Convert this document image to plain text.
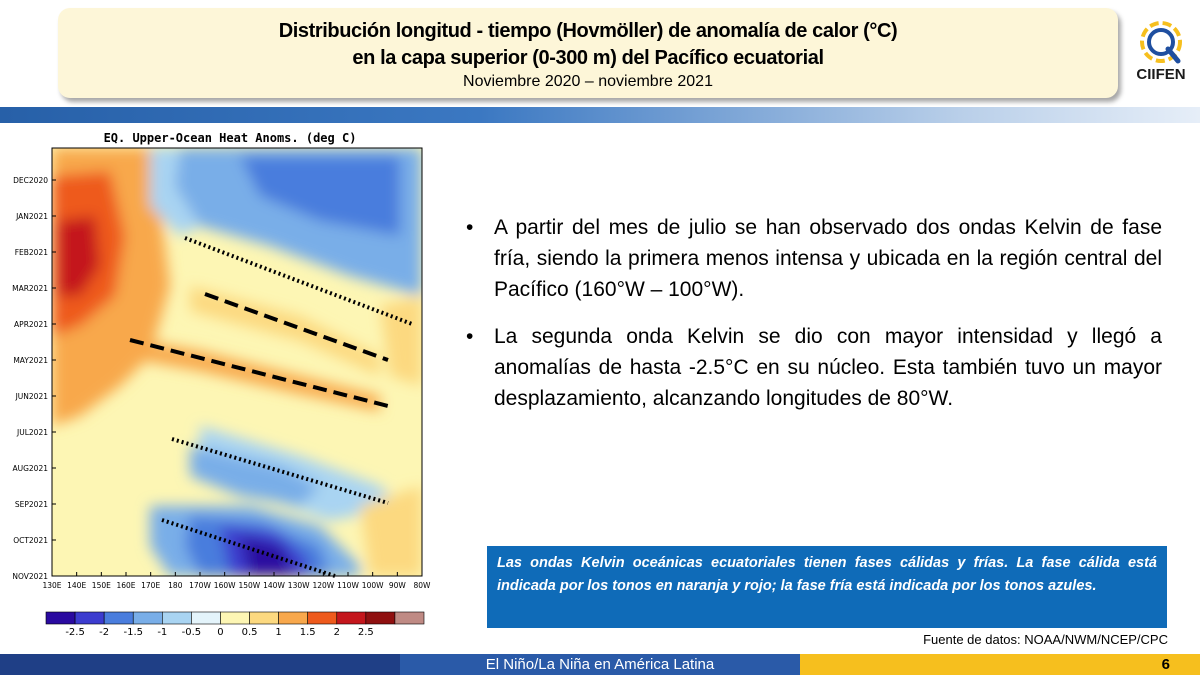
Distribución longitud - tiempo (Hovmöller) de anomalía de calor (°C)
en la capa superior (0-300 m) del Pacífico ecuatorial
Noviembre 2020 – noviembre 2021	CIIFEN
EQ. Upper-Ocean Heat Anoms. (deg C)
DEC2020
JAN2021
FEB2021
MAR2021
APR2021
MAY2021
JUN2021
JUL2021
AUG2021
SEP2021
OCT2021
NOV2021
130E 140E 150E 160E 170E 180 170W 160W 150W 140W 130W 120W 110W 100W 90W 80W
-2.5 -2 -1.5 -1 -0.5 0 0.5 1 1.5 2 2.5
• A partir del mes de julio se han observado dos ondas Kelvin de fase fría, siendo la primera menos intensa y ubicada en la región central del Pacífico (160°W – 100°W).
• La segunda onda Kelvin se dio con mayor intensidad y llegó a anomalías de hasta -2.5°C en su núcleo. Esta también tuvo un mayor desplazamiento, alcanzando longitudes de 80°W.
Las ondas Kelvin oceánicas ecuatoriales tienen fases cálidas y frías. La fase cálida está indicada por los tonos en naranja y rojo; la fase fría está indicada por los tonos azules.
Fuente de datos: NOAA/NWM/NCEP/CPC
El Niño/La Niña en América Latina	6
